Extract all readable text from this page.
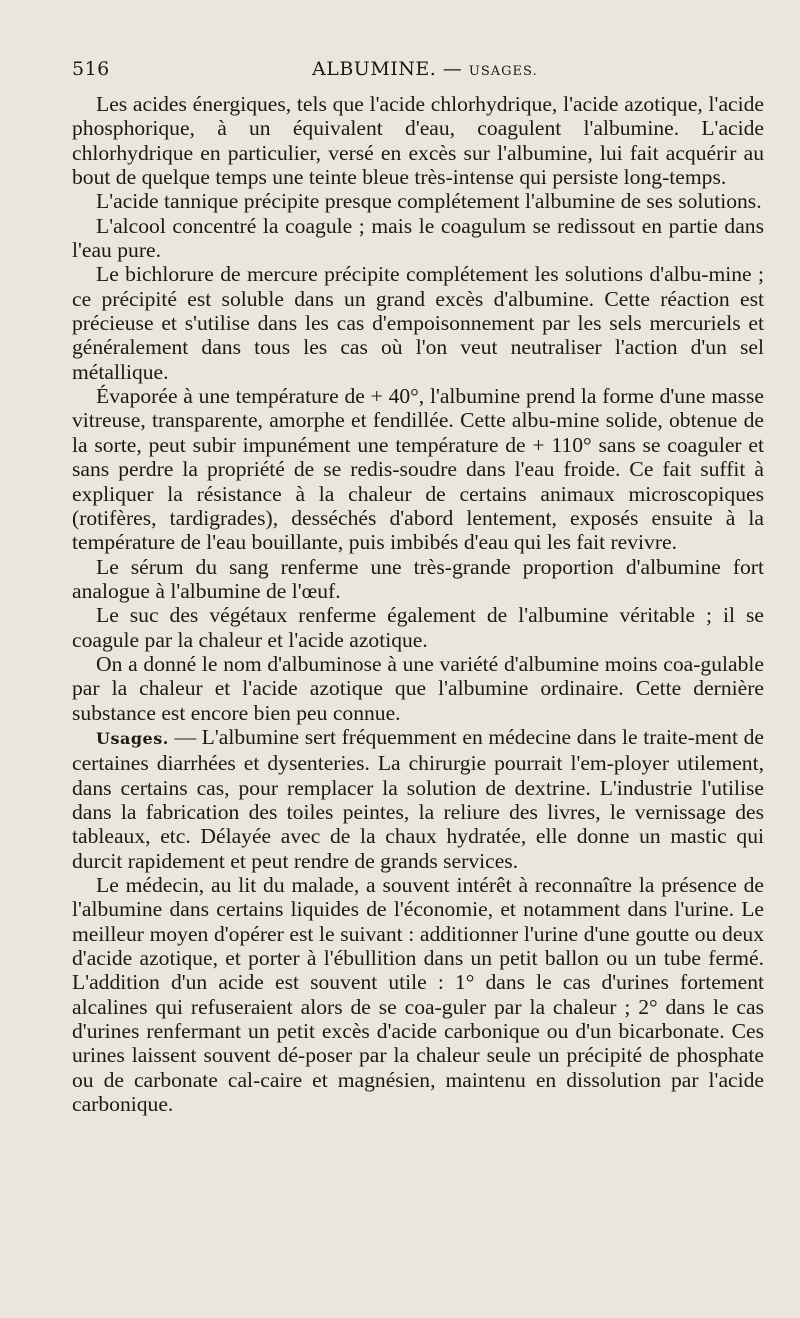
516	ALBUMINE. — USAGES.

Les acides énergiques, tels que l'acide chlorhydrique, l'acide azotique, l'acide phosphorique, à un équivalent d'eau, coagulent l'albumine. L'acide chlorhydrique en particulier, versé en excès sur l'albumine, lui fait acquérir au bout de quelque temps une teinte bleue très-intense qui persiste long-temps.

L'acide tannique précipite presque complétement l'albumine de ses solutions.

L'alcool concentré la coagule ; mais le coagulum se redissout en partie dans l'eau pure.

Le bichlorure de mercure précipite complétement les solutions d'albu-mine ; ce précipité est soluble dans un grand excès d'albumine. Cette réaction est précieuse et s'utilise dans les cas d'empoisonnement par les sels mercuriels et généralement dans tous les cas où l'on veut neutraliser l'action d'un sel métallique.

Évaporée à une température de + 40°, l'albumine prend la forme d'une masse vitreuse, transparente, amorphe et fendillée. Cette albu-mine solide, obtenue de la sorte, peut subir impunément une température de + 110° sans se coaguler et sans perdre la propriété de se redis-soudre dans l'eau froide. Ce fait suffit à expliquer la résistance à la chaleur de certains animaux microscopiques (rotifères, tardigrades), desséchés d'abord lentement, exposés ensuite à la température de l'eau bouillante, puis imbibés d'eau qui les fait revivre.

Le sérum du sang renferme une très-grande proportion d'albumine fort analogue à l'albumine de l'œuf.

Le suc des végétaux renferme également de l'albumine véritable ; il se coagule par la chaleur et l'acide azotique.

On a donné le nom d'albuminose à une variété d'albumine moins coa-gulable par la chaleur et l'acide azotique que l'albumine ordinaire. Cette dernière substance est encore bien peu connue.

Usages. — L'albumine sert fréquemment en médecine dans le traite-ment de certaines diarrhées et dysenteries. La chirurgie pourrait l'em-ployer utilement, dans certains cas, pour remplacer la solution de dextrine. L'industrie l'utilise dans la fabrication des toiles peintes, la reliure des livres, le vernissage des tableaux, etc. Délayée avec de la chaux hydratée, elle donne un mastic qui durcit rapidement et peut rendre de grands services.

Le médecin, au lit du malade, a souvent intérêt à reconnaître la présence de l'albumine dans certains liquides de l'économie, et notamment dans l'urine. Le meilleur moyen d'opérer est le suivant : additionner l'urine d'une goutte ou deux d'acide azotique, et porter à l'ébullition dans un petit ballon ou un tube fermé. L'addition d'un acide est souvent utile : 1° dans le cas d'urines fortement alcalines qui refuseraient alors de se coa-guler par la chaleur ; 2° dans le cas d'urines renfermant un petit excès d'acide carbonique ou d'un bicarbonate. Ces urines laissent souvent dé-poser par la chaleur seule un précipité de phosphate ou de carbonate cal-caire et magnésien, maintenu en dissolution par l'acide carbonique.
